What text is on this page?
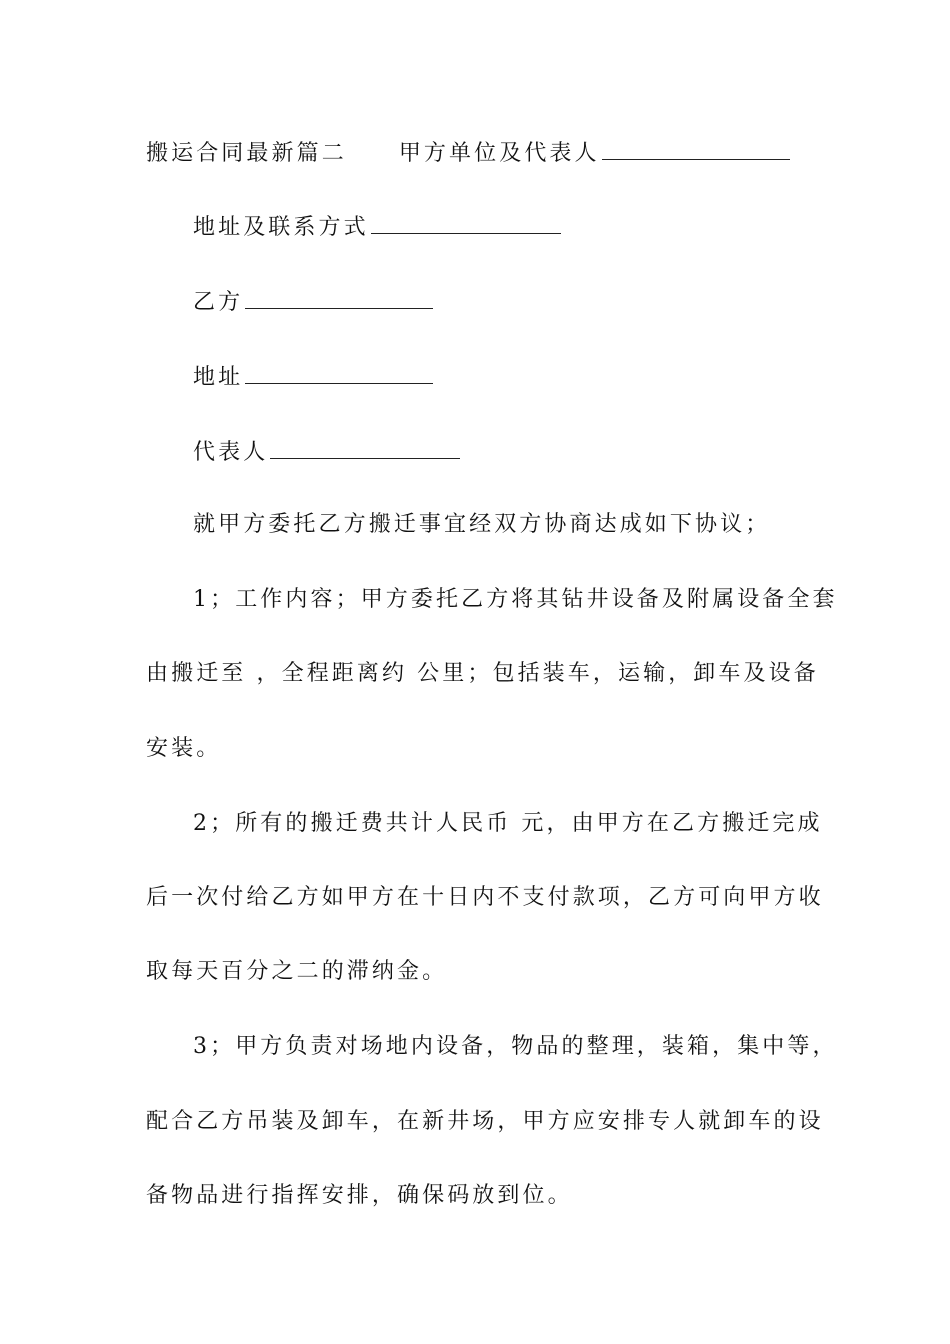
搬运合同最新篇二 甲方单位及代表人
地址及联系方式
乙方
地址
代表人
就甲方委托乙方搬迁事宜经双方协商达成如下协议；
1；工作内容；甲方委托乙方将其钻井设备及附属设备全套
由搬迁至 ，全程距离约 公里；包括装车，运输，卸车及设备
安装。
2；所有的搬迁费共计人民币 元，由甲方在乙方搬迁完成
后一次付给乙方如甲方在十日内不支付款项，乙方可向甲方收
取每天百分之二的滞纳金。
3；甲方负责对场地内设备，物品的整理，装箱，集中等，
配合乙方吊装及卸车，在新井场，甲方应安排专人就卸车的设
备物品进行指挥安排，确保码放到位。
